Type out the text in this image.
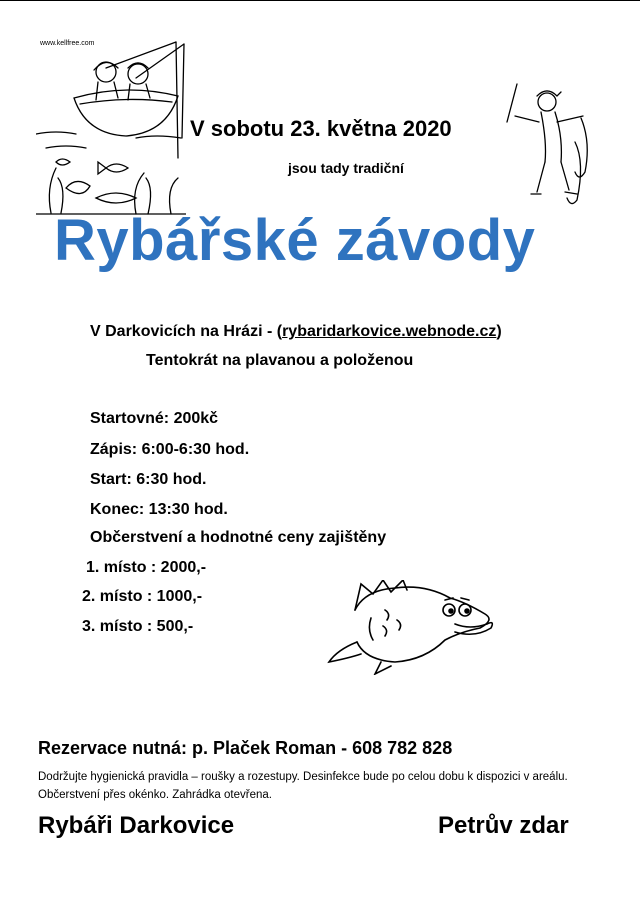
www.kellfree.com
V sobotu 23. května 2020
jsou tady tradiční
Rybářské závody
V Darkovicích na Hrázi - (rybaridarkovice.webnode.cz)
Tentokrát na plavanou a položenou
Startovné: 200kč
Zápis: 6:00-6:30 hod.
Start: 6:30 hod.
Konec: 13:30 hod.
Občerstvení a hodnotné ceny zajištěny
1. místo : 2000,-
2. místo : 1000,-
3. místo : 500,-
Rezervace nutná: p. Plaček Roman - 608 782 828
Dodržujte hygienická pravidla – roušky a rozestupy. Desinfekce bude po celou dobu k dispozici v areálu. Občerstvení přes okénko. Zahrádka otevřena.
Rybáři Darkovice	Petrův zdar
